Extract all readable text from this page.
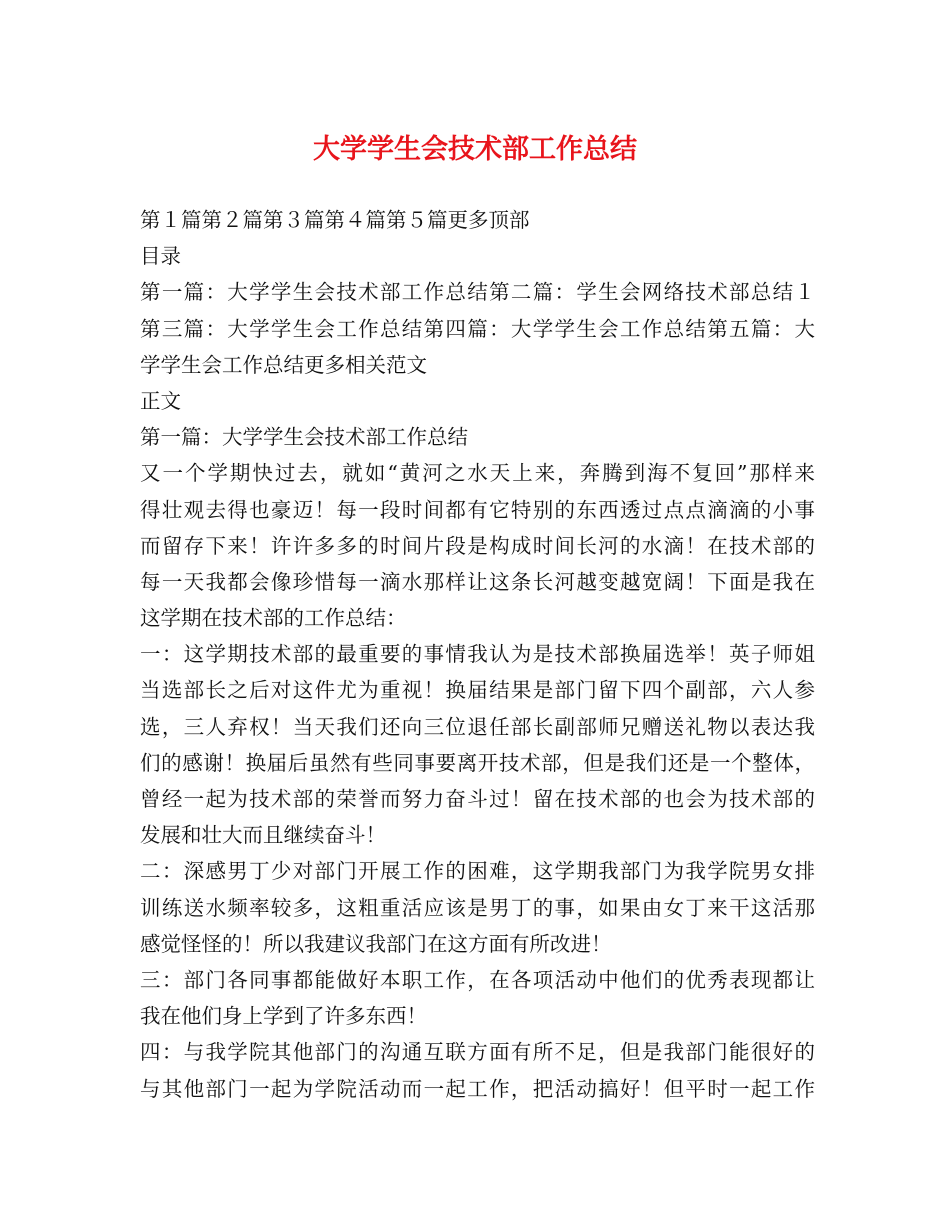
大学学生会技术部工作总结
第１篇第２篇第３篇第４篇第５篇更多顶部
目录
第一篇：大学学生会技术部工作总结第二篇：学生会网络技术部总结１
第三篇：大学学生会工作总结第四篇：大学学生会工作总结第五篇：大
学学生会工作总结更多相关范文
正文
第一篇：大学学生会技术部工作总结
又一个学期快过去，就如“黄河之水天上来，奔腾到海不复回”那样来
得壮观去得也豪迈！每一段时间都有它特别的东西透过点点滴滴的小事
而留存下来！许许多多的时间片段是构成时间长河的水滴！在技术部的
每一天我都会像珍惜每一滴水那样让这条长河越变越宽阔！下面是我在
这学期在技术部的工作总结：
一：这学期技术部的最重要的事情我认为是技术部换届选举！英子师姐
当选部长之后对这件尤为重视！换届结果是部门留下四个副部，六人参
选，三人弃权！当天我们还向三位退任部长副部师兄赠送礼物以表达我
们的感谢！换届后虽然有些同事要离开技术部，但是我们还是一个整体，
曾经一起为技术部的荣誉而努力奋斗过！留在技术部的也会为技术部的
发展和壮大而且继续奋斗！
二：深感男丁少对部门开展工作的困难，这学期我部门为我学院男女排
训练送水频率较多，这粗重活应该是男丁的事，如果由女丁来干这活那
感觉怪怪的！所以我建议我部门在这方面有所改进！
三：部门各同事都能做好本职工作，在各项活动中他们的优秀表现都让
我在他们身上学到了许多东西！
四：与我学院其他部门的沟通互联方面有所不足，但是我部门能很好的
与其他部门一起为学院活动而一起工作，把活动搞好！但平时一起工作
